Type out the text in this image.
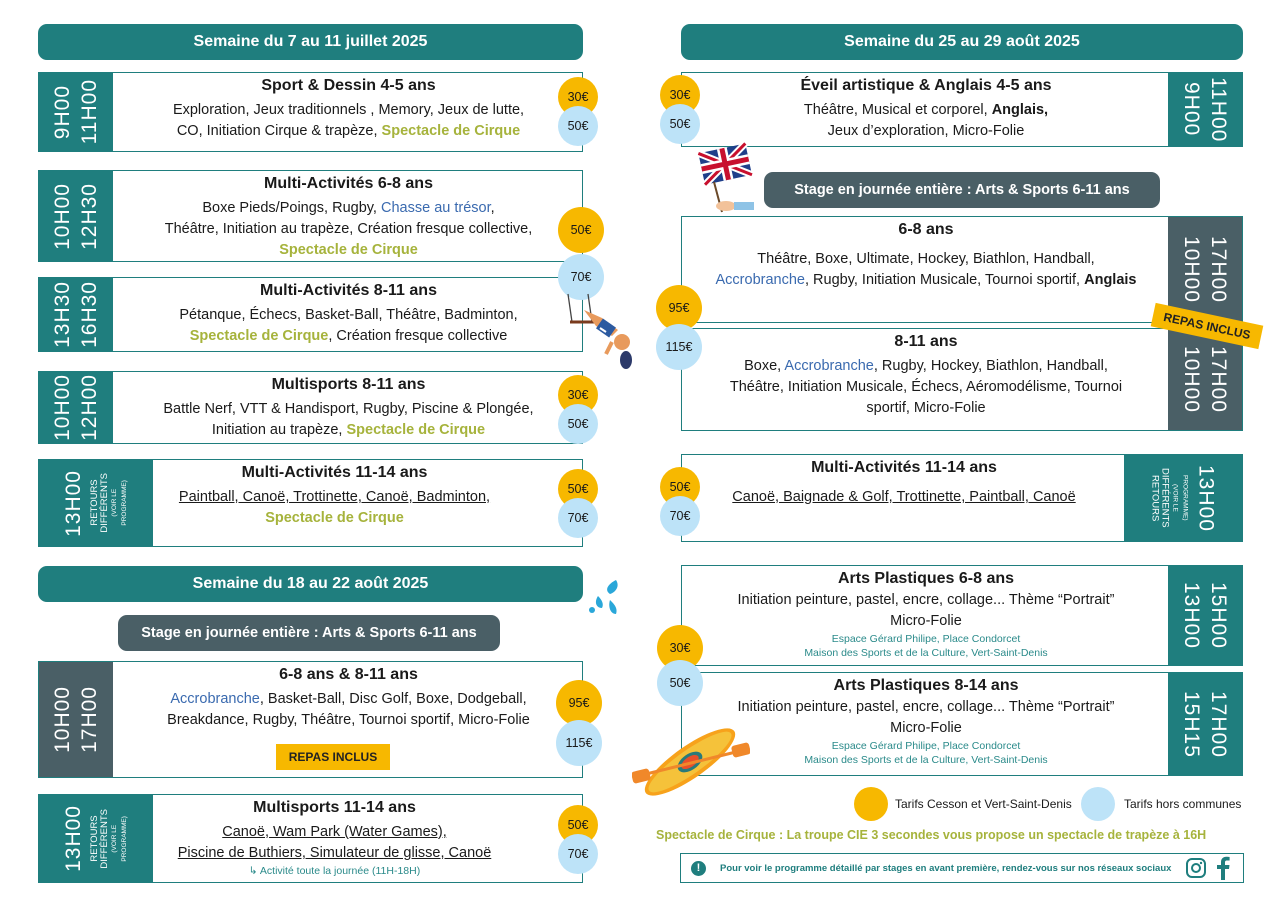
Semaine du 7 au 11 juillet 2025
9H00 11H00	Sport & Dessin 4-5 ans
Exploration, Jeux traditionnels , Memory, Jeux de lutte,
CO, Initiation Cirque & trapèze, Spectacle de Cirque
30€
50€
10H00 12H30	Multi-Activités 6-8 ans
Boxe Pieds/Poings, Rugby, Chasse au trésor,
Théâtre, Initiation au trapèze, Création fresque collective,
Spectacle de Cirque
13H30 16H30	Multi-Activités 8-11 ans
Pétanque, Échecs, Basket-Ball, Théâtre, Badminton,
Spectacle de Cirque, Création fresque collective
50€
70€
10H00 12H00	Multisports 8-11 ans
Battle Nerf, VTT & Handisport, Rugby, Piscine & Plongée,
Initiation au trapèze, Spectacle de Cirque
30€
50€
13H00 RETOURS
DIFFÉRENTS
(VOIR LE PROGRAMME)
Multi-Activités 11-14 ans
Paintball, Canoë, Trottinette, Canoë, Badminton,
Spectacle de Cirque
50€
70€
Semaine du 18 au 22 août 2025
Stage en journée entière : Arts & Sports 6-11 ans
10H00 17H00
6-8 ans & 8-11 ans
Accrobranche, Basket-Ball, Disc Golf, Boxe, Dodgeball,
Breakdance, Rugby, Théâtre, Tournoi sportif, Micro-Folie
REPAS INCLUS
95€
115€
13H00 RETOURS
DIFFÉRENTS
(VOIR LE PROGRAMME)
Multisports 11-14 ans
Canoë, Wam Park (Water Games),
Piscine de Buthiers, Simulateur de glisse, Canoë
↳ Activité toute la journée (11H-18H)
50€
70€
Semaine du 25 au 29 août 2025
9H00 11H00
Éveil artistique & Anglais 4-5 ans
Théâtre, Musical et corporel, Anglais,
Jeux d’exploration, Micro-Folie
30€
50€
Stage en journée entière : Arts & Sports 6-11 ans
10H00 17H00
6-8 ans
Théâtre, Boxe, Ultimate, Hockey, Biathlon, Handball,
Accrobranche, Rugby, Initiation Musicale, Tournoi sportif, Anglais
10H00 17H00
8-11 ans
Boxe, Accrobranche, Rugby, Hockey, Biathlon, Handball,
Théâtre, Initiation Musicale, Échecs, Aéromodélisme, Tournoi
sportif, Micro-Folie
REPAS INCLUS
95€
115€
PROGRAMME)
(VOIR LE
DIFFÉRENTS
RETOURS	13H00
Multi-Activités 11-14 ans
Canoë, Baignade & Golf, Trottinette, Paintball, Canoë
50€
70€
13H00 15H00
Arts Plastiques 6-8 ans
Initiation peinture, pastel, encre, collage... Thème “Portrait”
Micro-Folie
Espace Gérard Philipe, Place Condorcet
Maison des Sports et de la Culture, Vert-Saint-Denis
15H15 17H00
Arts Plastiques 8-14 ans
Initiation peinture, pastel, encre, collage... Thème “Portrait”
Micro-Folie
Espace Gérard Philipe, Place Condorcet
Maison des Sports et de la Culture, Vert-Saint-Denis
30€
50€
Tarifs Cesson et Vert-Saint-Denis	Tarifs hors communes
Spectacle de Cirque : La troupe CIE 3 secondes vous propose un spectacle de trapèze à 16H
!	Pour voir le programme détaillé par stages en avant première, rendez-vous sur nos réseaux sociaux
